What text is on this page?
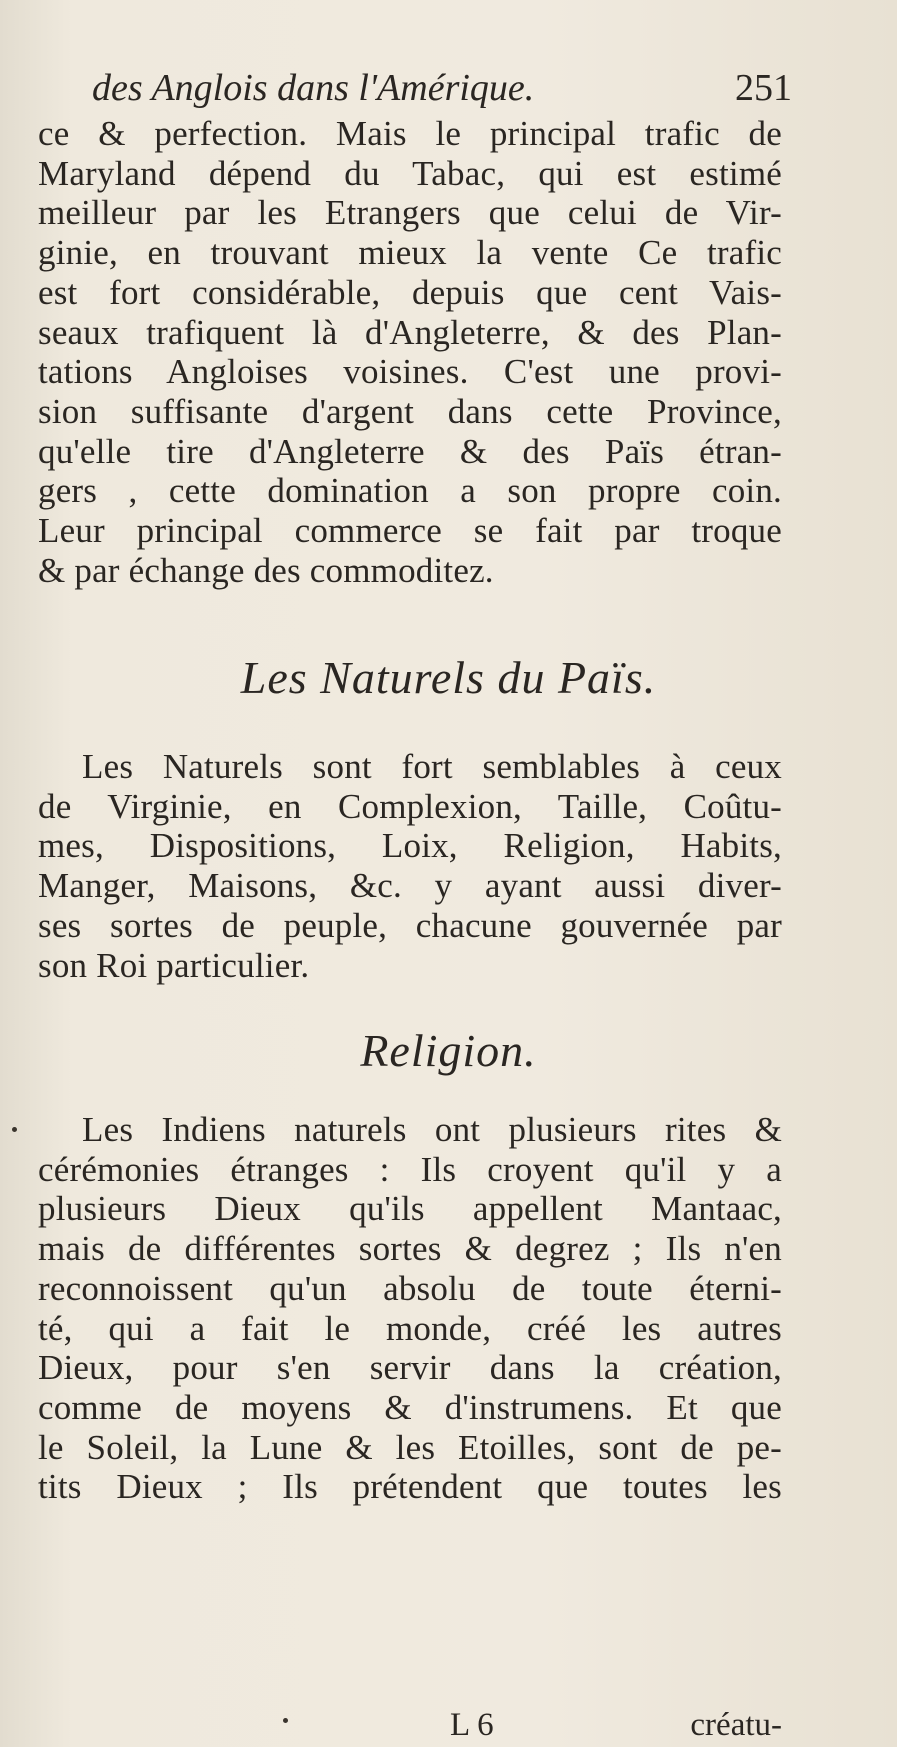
des Anglois dans l'Amérique.	251
ce & perfection. Mais le principal trafic de
Maryland dépend du Tabac, qui est estimé
meilleur par les Etrangers que celui de Vir-
ginie, en trouvant mieux la vente Ce trafic
est fort considérable, depuis que cent Vais-
seaux trafiquent là d'Angleterre, & des Plan-
tations Angloises voisines. C'est une provi-
sion suffisante d'argent dans cette Province,
qu'elle tire d'Angleterre & des Païs étran-
gers , cette domination a son propre coin.
Leur principal commerce se fait par troque
& par échange des commoditez.
Les Naturels du Païs.
Les Naturels sont fort semblables à ceux
de Virginie, en Complexion, Taille, Coûtu-
mes, Dispositions, Loix, Religion, Habits,
Manger, Maisons, &c. y ayant aussi diver-
ses sortes de peuple, chacune gouvernée par
son Roi particulier.
Religion.
Les Indiens naturels ont plusieurs rites &
cérémonies étranges : Ils croyent qu'il y a
plusieurs Dieux qu'ils appellent Mantaac,
mais de différentes sortes & degrez ; Ils n'en
reconnoissent qu'un absolu de toute éterni-
té, qui a fait le monde, créé les autres
Dieux, pour s'en servir dans la création,
comme de moyens & d'instrumens. Et que
le Soleil, la Lune & les Etoilles, sont de pe-
tits Dieux ; Ils prétendent que toutes les
L 6	créatu-
